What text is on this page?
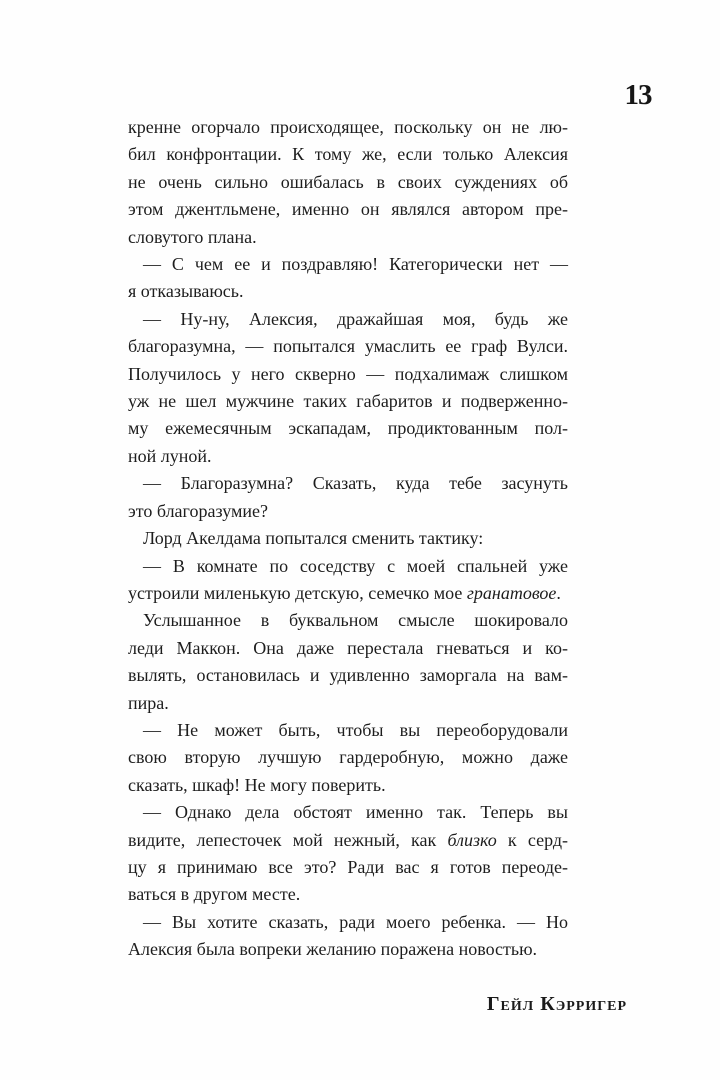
13
кренне огорчало происходящее, поскольку он не лю-
бил конфронтации. К тому же, если только Алексия
не очень сильно ошибалась в своих суждениях об
этом джентльмене, именно он являлся автором пре-
словутого плана.
— С чем ее и поздравляю! Категорически нет —
я отказываюсь.
— Ну-ну, Алексия, дражайшая моя, будь же
благоразумна, — попытался умаслить ее граф Вулси.
Получилось у него скверно — подхалимаж слишком
уж не шел мужчине таких габаритов и подверженно-
му ежемесячным эскападам, продиктованным пол-
ной луной.
— Благоразумна? Сказать, куда тебе засунуть
это благоразумие?
Лорд Акелдама попытался сменить тактику:
— В комнате по соседству с моей спальней уже
устроили миленькую детскую, семечко мое гранатовое.
Услышанное в буквальном смысле шокировало
леди Маккон. Она даже перестала гневаться и ко-
вылять, остановилась и удивленно заморгала на вам-
пира.
— Не может быть, чтобы вы переоборудовали
свою вторую лучшую гардеробную, можно даже
сказать, шкаф! Не могу поверить.
— Однако дела обстоят именно так. Теперь вы
видите, лепесточек мой нежный, как близко к серд-
цу я принимаю все это? Ради вас я готов переоде-
ваться в другом месте.
— Вы хотите сказать, ради моего ребенка. — Но
Алексия была вопреки желанию поражена новостью.
Гейл Кэрригер
